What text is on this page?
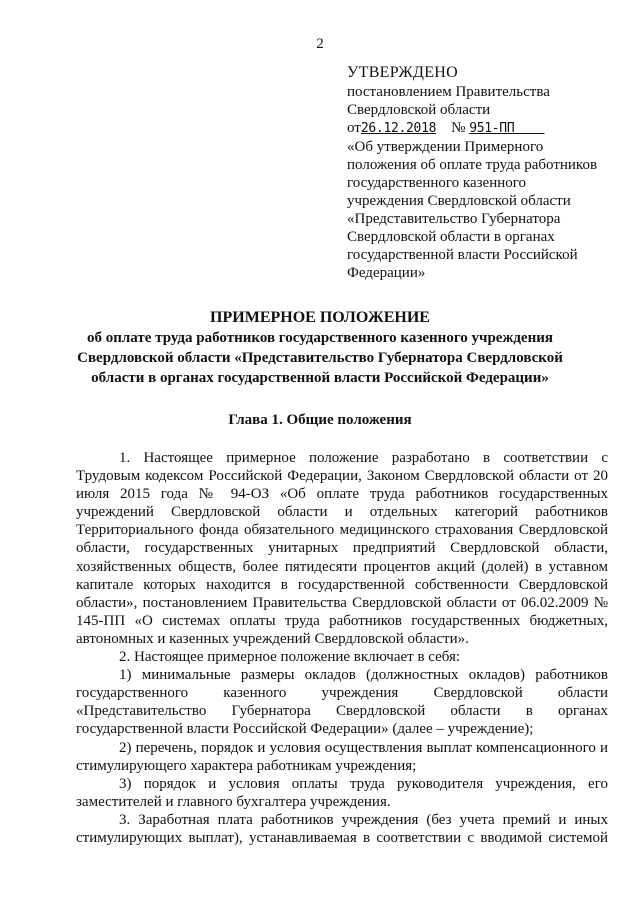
2
УТВЕРЖДЕНО
постановлением Правительства
Свердловской области
от26.12.2018 № 951-ПП
«Об утверждении Примерного
положения об оплате труда работников
государственного казенного
учреждения Свердловской области
«Представительство Губернатора
Свердловской области в органах
государственной власти Российской
Федерации»
ПРИМЕРНОЕ ПОЛОЖЕНИЕ
об оплате труда работников государственного казенного учреждения
Свердловской области «Представительство Губернатора Свердловской
области в органах государственной власти Российской Федерации»
Глава 1. Общие положения

1. Настоящее примерное положение разработано в соответствии с Трудовым кодексом Российской Федерации, Законом Свердловской области от 20 июля 2015 года № 94-ОЗ «Об оплате труда работников государственных учреждений Свердловской области и отдельных категорий работников Территориального фонда обязательного медицинского страхования Свердловской области, государственных унитарных предприятий Свердловской области, хозяйственных обществ, более пятидесяти процентов акций (долей) в уставном капитале которых находится в государственной собственности Свердловской области», постановлением Правительства Свердловской области от 06.02.2009 № 145-ПП «О системах оплаты труда работников государственных бюджетных, автономных и казенных учреждений Свердловской области».

2. Настоящее примерное положение включает в себя:

1) минимальные размеры окладов (должностных окладов) работников государственного казенного учреждения Свердловской области «Представительство Губернатора Свердловской области в органах государственной власти Российской Федерации» (далее – учреждение);

2) перечень, порядок и условия осуществления выплат компенсационного и стимулирующего характера работникам учреждения;

3) порядок и условия оплаты труда руководителя учреждения, его заместителей и главного бухгалтера учреждения.

3. Заработная плата работников учреждения (без учета премий и иных стимулирующих выплат), устанавливаемая в соответствии с вводимой системой
